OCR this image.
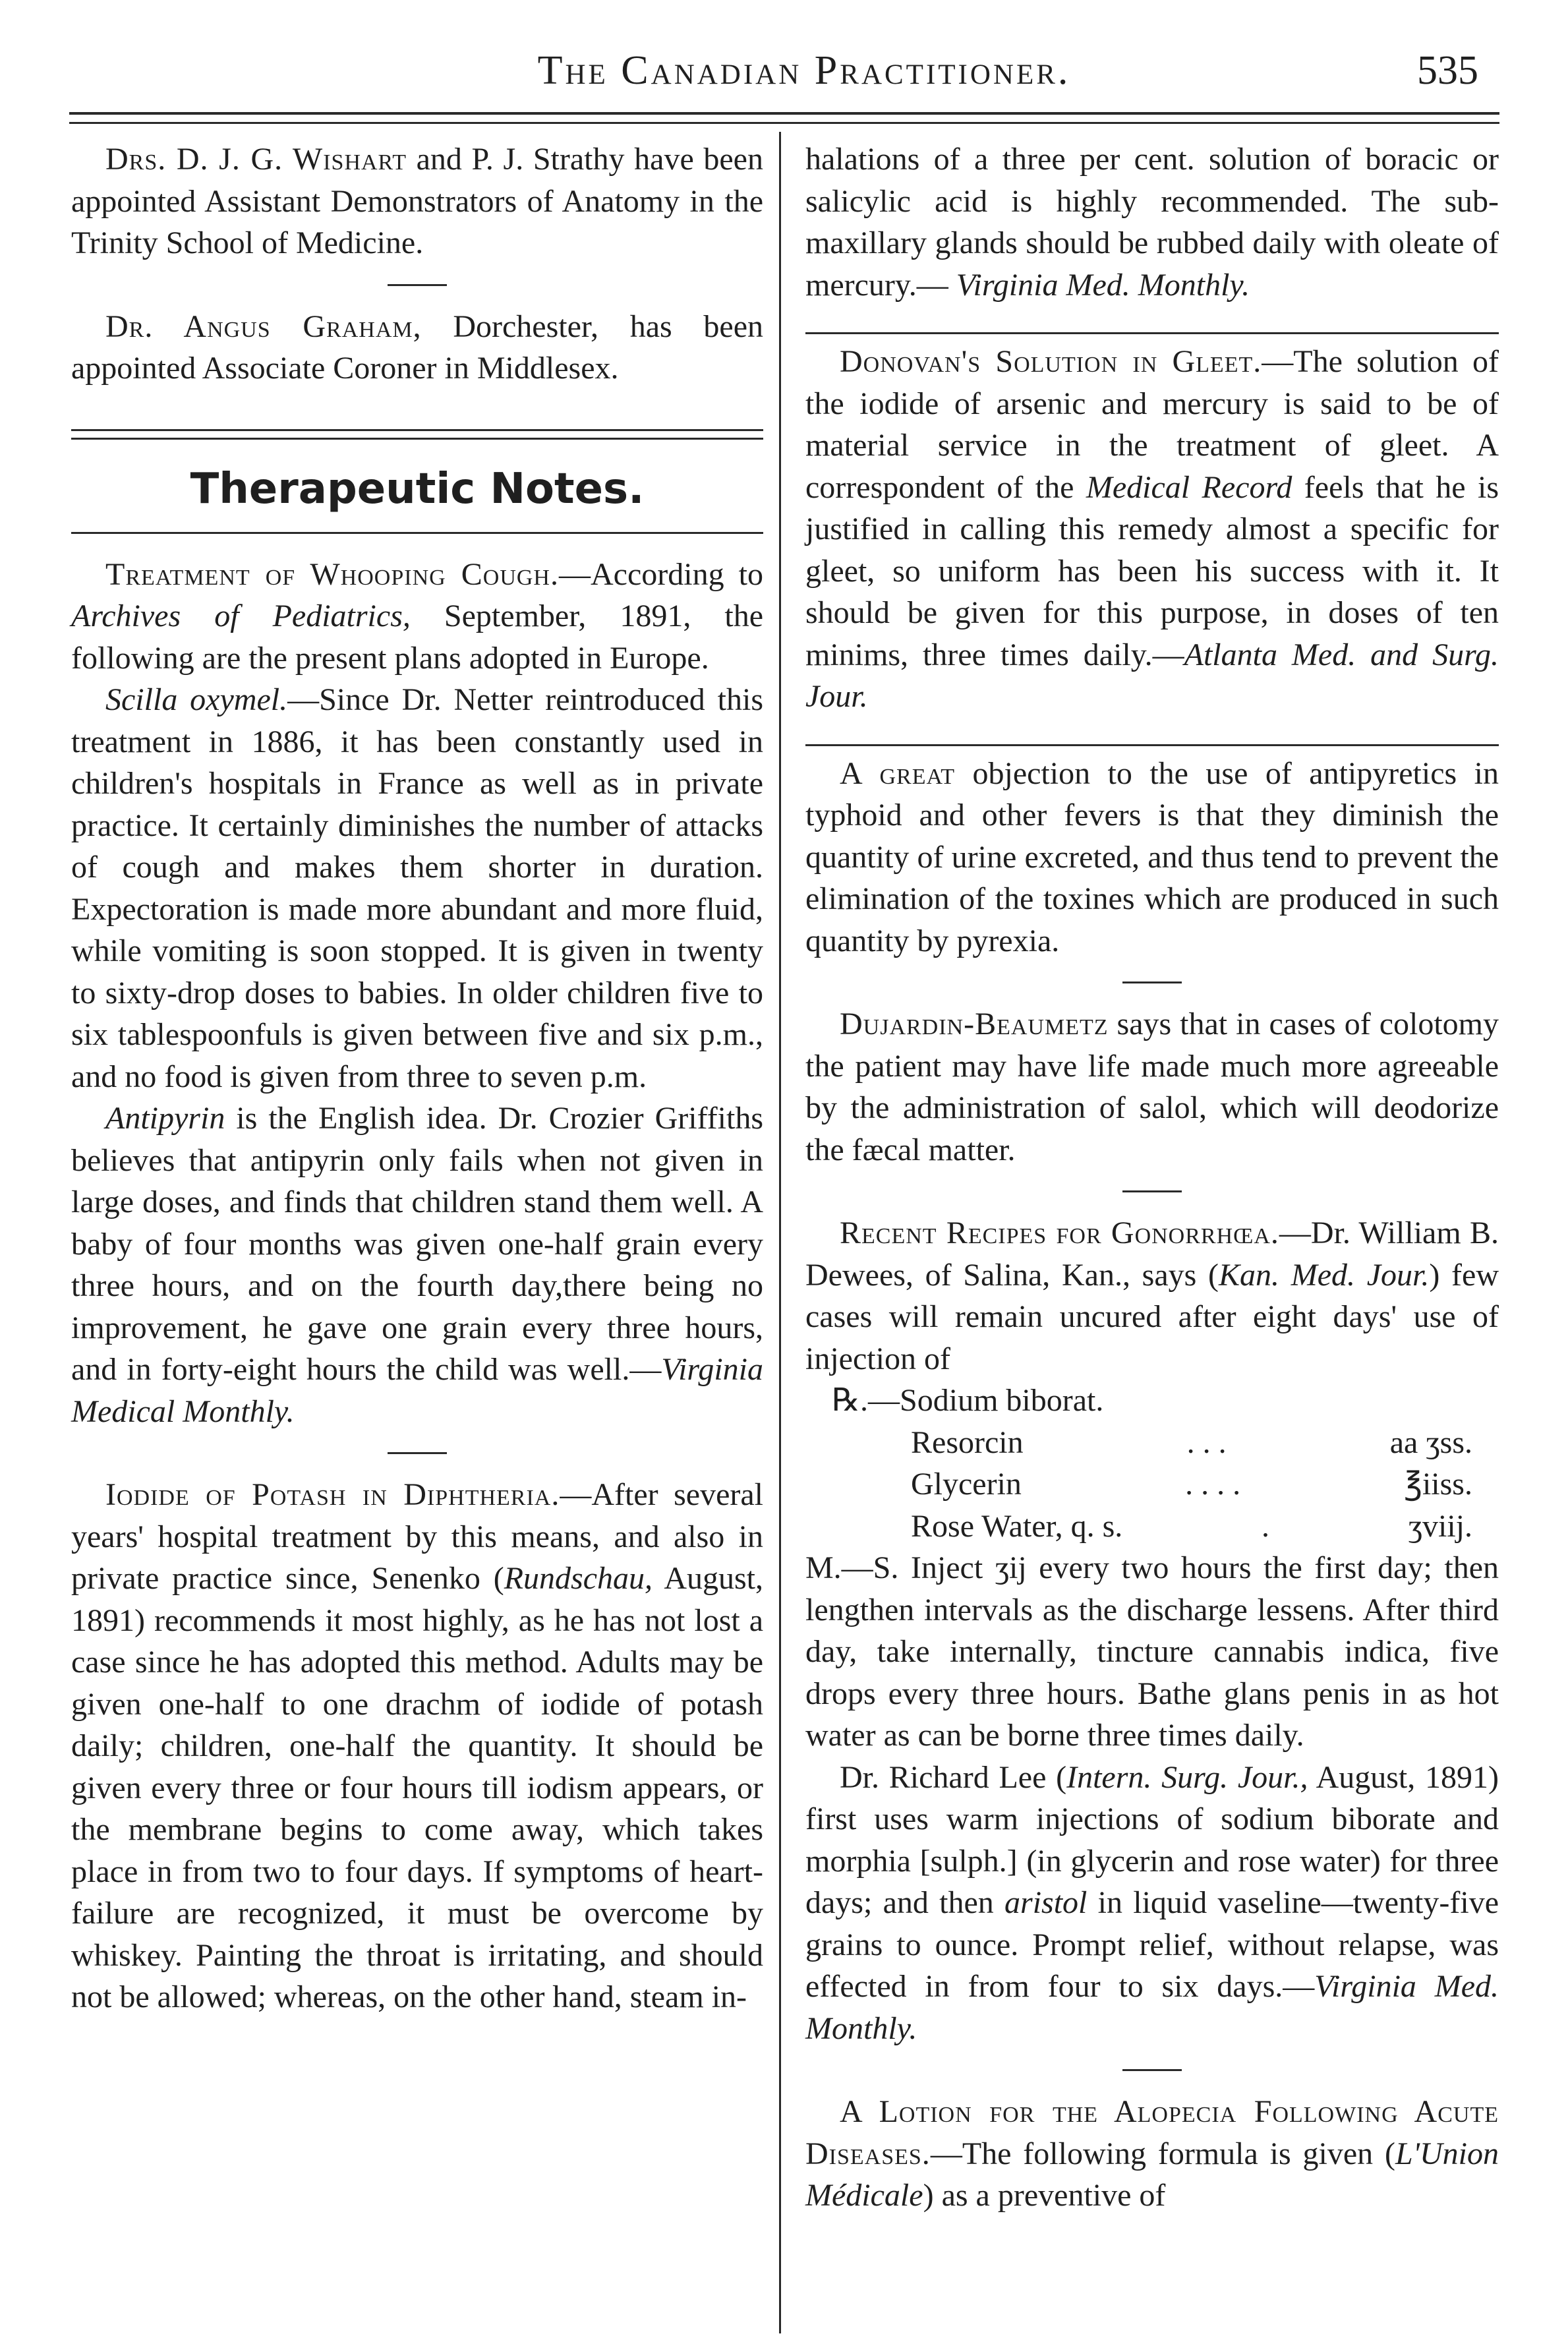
The Canadian Practitioner.	535

Drs. D. J. G. Wishart and P. J. Strathy have been appointed Assistant Demonstrators of Anatomy in the Trinity School of Medicine.

Dr. Angus Graham, Dorchester, has been appointed Associate Coroner in Middlesex.

Therapeutic Notes.

Treatment of Whooping Cough.—According to Archives of Pediatrics, September, 1891, the following are the present plans adopted in Europe.

Scilla oxymel.—Since Dr. Netter reintroduced this treatment in 1886, it has been constantly used in children's hospitals in France as well as in private practice. It certainly diminishes the number of attacks of cough and makes them shorter in duration. Expectoration is made more abundant and more fluid, while vomiting is soon stopped. It is given in twenty to sixty-drop doses to babies. In older children five to six tablespoonfuls is given between five and six p.m., and no food is given from three to seven p.m.

Antipyrin is the English idea. Dr. Crozier Griffiths believes that antipyrin only fails when not given in large doses, and finds that children stand them well. A baby of four months was given one-half grain every three hours, and on the fourth day,there being no improvement, he gave one grain every three hours, and in forty-eight hours the child was well.—Virginia Medical Monthly.

Iodide of Potash in Diphtheria.—After several years' hospital treatment by this means, and also in private practice since, Senenko (Rundschau, August, 1891) recommends it most highly, as he has not lost a case since he has adopted this method. Adults may be given one-half to one drachm of iodide of potash daily; children, one-half the quantity. It should be given every three or four hours till iodism appears, or the membrane begins to come away, which takes place in from two to four days. If symptoms of heart-failure are recognized, it must be overcome by whiskey. Painting the throat is irritating, and should not be allowed; whereas, on the other hand, steam in-

halations of a three per cent. solution of boracic or salicylic acid is highly recommended. The sub-maxillary glands should be rubbed daily with oleate of mercury.— Virginia Med. Monthly.

Donovan's Solution in Gleet.—The solution of the iodide of arsenic and mercury is said to be of material service in the treatment of gleet. A correspondent of the Medical Record feels that he is justified in calling this remedy almost a specific for gleet, so uniform has been his success with it. It should be given for this purpose, in doses of ten minims, three times daily.—Atlanta Med. and Surg. Jour.

A great objection to the use of antipyretics in typhoid and other fevers is that they diminish the quantity of urine excreted, and thus tend to prevent the elimination of the toxines which are produced in such quantity by pyrexia.

Dujardin-Beaumetz says that in cases of colotomy the patient may have life made much more agreeable by the administration of salol, which will deodorize the fæcal matter.

Recent Recipes for Gonorrhœa.—Dr. William B. Dewees, of Salina, Kan., says (Kan. Med. Jour.) few cases will remain uncured after eight days' use of injection of

℞.—Sodium biborat.
Resorcin	. . .	aa ʒss.
Glycerin	. . . .	℥iiss.
Rose Water, q. s.	.	ʒviij.

M.—S. Inject ʒij every two hours the first day; then lengthen intervals as the discharge lessens. After third day, take internally, tincture cannabis indica, five drops every three hours. Bathe glans penis in as hot water as can be borne three times daily.

Dr. Richard Lee (Intern. Surg. Jour., August, 1891) first uses warm injections of sodium biborate and morphia [sulph.] (in glycerin and rose water) for three days; and then aristol in liquid vaseline—twenty-five grains to ounce. Prompt relief, without relapse, was effected in from four to six days.—Virginia Med. Monthly.

A Lotion for the Alopecia Following Acute Diseases.—The following formula is given (L'Union Médicale) as a preventive of
